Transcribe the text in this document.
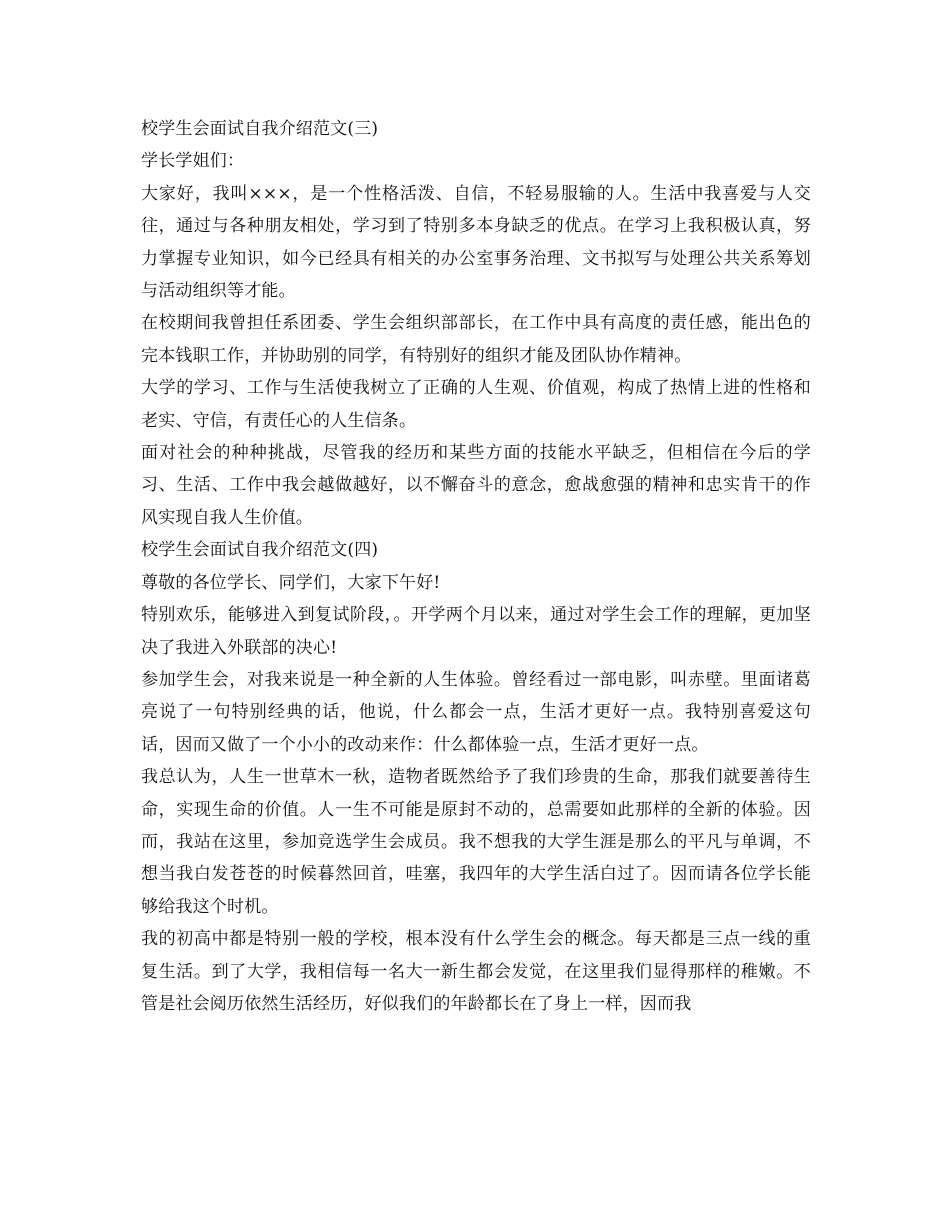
校学生会面试自我介绍范文(三)

学长学姐们：

大家好，我叫×××，是一个性格活泼、自信，不轻易服输的人。生活中我喜爱与人交往，通过与各种朋友相处，学习到了特别多本身缺乏的优点。在学习上我积极认真，努力掌握专业知识，如今已经具有相关的办公室事务治理、文书拟写与处理公共关系筹划与活动组织等才能。

在校期间我曾担任系团委、学生会组织部部长，在工作中具有高度的责任感，能出色的完本钱职工作，并协助别的同学，有特别好的组织才能及团队协作精神。

大学的学习、工作与生活使我树立了正确的人生观、价值观，构成了热情上进的性格和老实、守信，有责任心的人生信条。

面对社会的种种挑战，尽管我的经历和某些方面的技能水平缺乏，但相信在今后的学习、生活、工作中我会越做越好，以不懈奋斗的意念，愈战愈强的精神和忠实肯干的作风实现自我人生价值。

校学生会面试自我介绍范文(四)

尊敬的各位学长、同学们，大家下午好!

特别欢乐，能够进入到复试阶段，。开学两个月以来，通过对学生会工作的理解，更加坚决了我进入外联部的决心!

参加学生会，对我来说是一种全新的人生体验。曾经看过一部电影，叫赤壁。里面诸葛亮说了一句特别经典的话，他说，什么都会一点，生活才更好一点。我特别喜爱这句话，因而又做了一个小小的改动来作：什么都体验一点，生活才更好一点。

我总认为，人生一世草木一秋，造物者既然给予了我们珍贵的生命，那我们就要善待生命，实现生命的价值。人一生不可能是原封不动的，总需要如此那样的全新的体验。因而，我站在这里，参加竞选学生会成员。我不想我的大学生涯是那么的平凡与单调，不想当我白发苍苍的时候暮然回首，哇塞，我四年的大学生活白过了。因而请各位学长能够给我这个时机。

我的初高中都是特别一般的学校，根本没有什么学生会的概念。每天都是三点一线的重复生活。到了大学，我相信每一名大一新生都会发觉，在这里我们显得那样的稚嫩。不管是社会阅历依然生活经历，好似我们的年龄都长在了身上一样，因而我
